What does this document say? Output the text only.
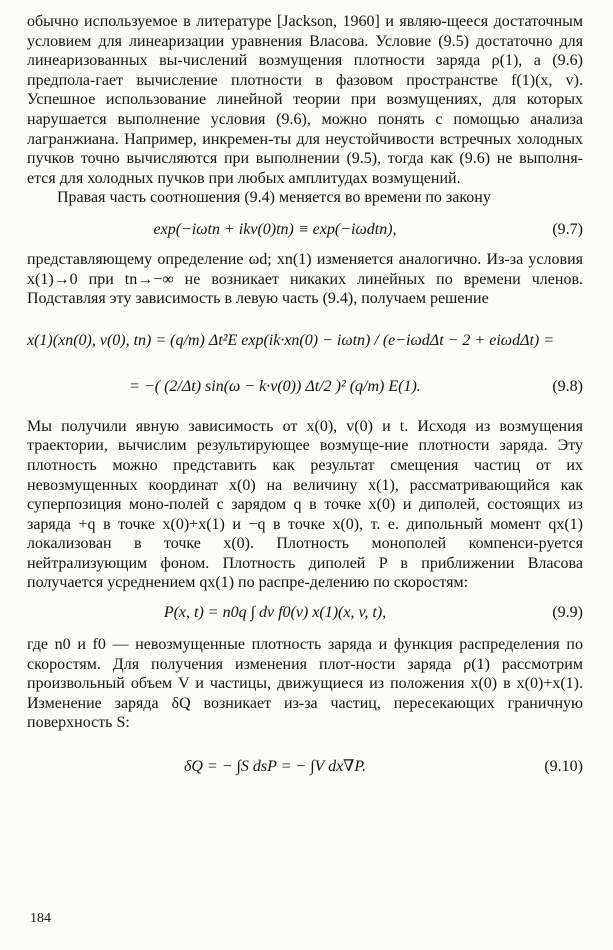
обычно используемое в литературе [Jackson, 1960] и являю-щееся достаточным условием для линеаризации уравнения Власова. Условие (9.5) достаточно для линеаризованных вы-числений возмущения плотности заряда ρ(1), а (9.6) предпола-гает вычисление плотности в фазовом пространстве f(1)(x, v). Успешное использование линейной теории при возмущениях, для которых нарушается выполнение условия (9.6), можно понять с помощью анализа лагранжиана. Например, инкремен-ты для неустойчивости встречных холодных пучков точно вычисляются при выполнении (9.5), тогда как (9.6) не выполня-ется для холодных пучков при любых амплитудах возмущений.

Правая часть соотношения (9.4) меняется во времени по закону

exp(−iωtn + ikv(0)tn) ≡ exp(−iωdtn),	(9.7)

представляющему определение ωd; xn(1) изменяется аналогично. Из-за условия x(1)→0 при tn→−∞ не возникает никаких линейных по времени членов. Подставляя эту зависимость в левую часть (9.4), получаем решение

x(1)(xn(0), v(0), tn) = (q/m) Δt²E exp(ik·xn(0) − iωtn) / (e−iωdΔt − 2 + eiωdΔt) =
= −( (2/Δt) sin(ω − k·v(0)) Δt/2 )² (q/m) E(1).	(9.8)

Мы получили явную зависимость от x(0), v(0) и t. Исходя из возмущения траектории, вычислим результирующее возмуще-ние плотности заряда. Эту плотность можно представить как результат смещения частиц от их невозмущенных координат x(0) на величину x(1), рассматривающийся как суперпозиция моно-полей с зарядом q в точке x(0) и диполей, состоящих из заряда +q в точке x(0)+x(1) и −q в точке x(0), т. е. дипольный момент qx(1) локализован в точке x(0). Плотность монополей компенси-руется нейтрализующим фоном. Плотность диполей P в приближении Власова получается усреднением qx(1) по распре-делению по скоростям:

P(x, t) = n0q ∫ dv f0(v) x(1)(x, v, t),	(9.9)

где n0 и f0 — невозмущенные плотность заряда и функция распределения по скоростям. Для получения изменения плот-ности заряда ρ(1) рассмотрим произвольный объем V и частицы, движущиеся из положения x(0) в x(0)+x(1). Изменение заряда δQ возникает из-за частиц, пересекающих граничную поверхность S:

δQ = − ∫S dsP = − ∫V dx∇P.	(9.10)
184
